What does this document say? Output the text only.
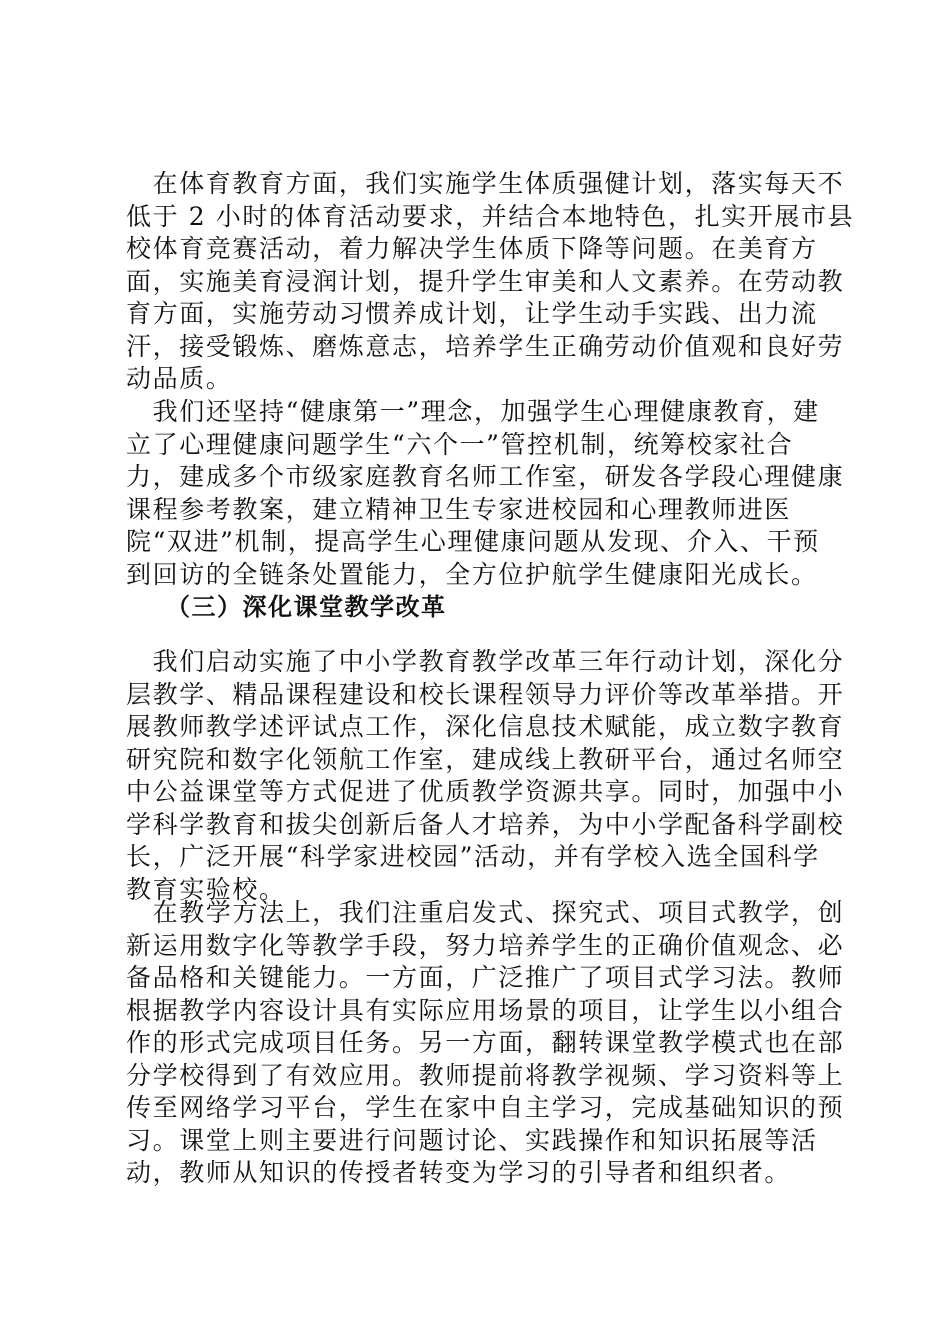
　在体育教育方面，我们实施学生体质强健计划，落实每天不
低于 2 小时的体育活动要求，并结合本地特色，扎实开展市县
校体育竞赛活动，着力解决学生体质下降等问题。在美育方
面，实施美育浸润计划，提升学生审美和人文素养。在劳动教
育方面，实施劳动习惯养成计划，让学生动手实践、出力流
汗，接受锻炼、磨炼意志，培养学生正确劳动价值观和良好劳
动品质。
　我们还坚持“健康第一”理念，加强学生心理健康教育，建
立了心理健康问题学生“六个一”管控机制，统筹校家社合
力，建成多个市级家庭教育名师工作室，研发各学段心理健康
课程参考教案，建立精神卫生专家进校园和心理教师进医
院“双进”机制，提高学生心理健康问题从发现、介入、干预
到回访的全链条处置能力，全方位护航学生健康阳光成长。
（三）深化课堂教学改革
　我们启动实施了中小学教育教学改革三年行动计划，深化分
层教学、精品课程建设和校长课程领导力评价等改革举措。开
展教师教学述评试点工作，深化信息技术赋能，成立数字教育
研究院和数字化领航工作室，建成线上教研平台，通过名师空
中公益课堂等方式促进了优质教学资源共享。同时，加强中小
学科学教育和拔尖创新后备人才培养，为中小学配备科学副校
长，广泛开展“科学家进校园”活动，并有学校入选全国科学
教育实验校。
　在教学方法上，我们注重启发式、探究式、项目式教学，创
新运用数字化等教学手段，努力培养学生的正确价值观念、必
备品格和关键能力。一方面，广泛推广了项目式学习法。教师
根据教学内容设计具有实际应用场景的项目，让学生以小组合
作的形式完成项目任务。另一方面，翻转课堂教学模式也在部
分学校得到了有效应用。教师提前将教学视频、学习资料等上
传至网络学习平台，学生在家中自主学习，完成基础知识的预
习。课堂上则主要进行问题讨论、实践操作和知识拓展等活
动，教师从知识的传授者转变为学习的引导者和组织者。
